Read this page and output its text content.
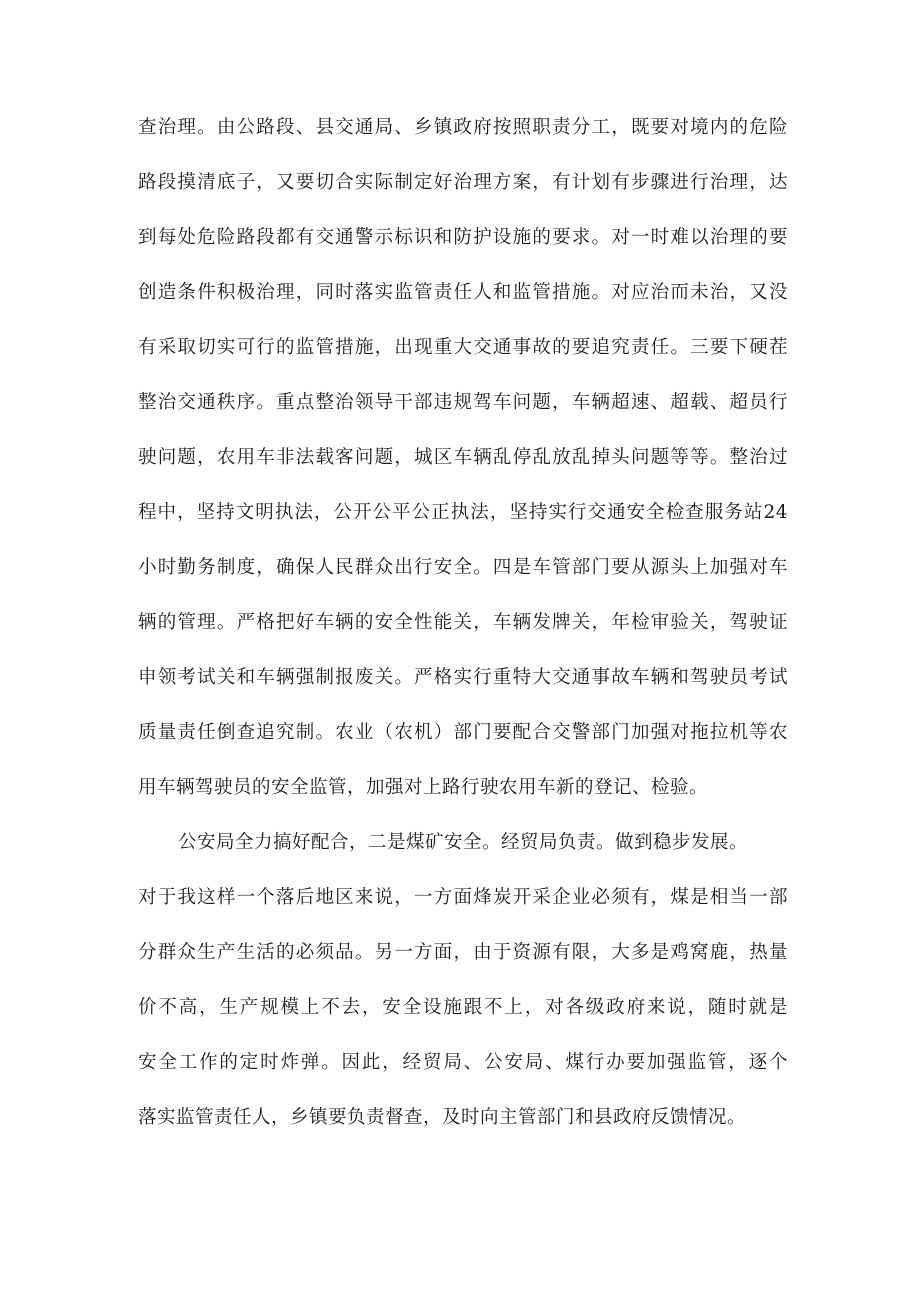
查治理。由公路段、县交通局、乡镇政府按照职责分工，既要对境内的危险
路段摸清底子，又要切合实际制定好治理方案，有计划有步骤进行治理，达
到每处危险路段都有交通警示标识和防护设施的要求。对一时难以治理的要
创造条件积极治理，同时落实监管责任人和监管措施。对应治而未治，又没
有采取切实可行的监管措施，出现重大交通事故的要追究责任。三要下硬茬
整治交通秩序。重点整治领导干部违规驾车问题，车辆超速、超载、超员行
驶问题，农用车非法载客问题，城区车辆乱停乱放乱掉头问题等等。整治过
程中，坚持文明执法，公开公平公正执法，坚持实行交通安全检查服务站24
小时勤务制度，确保人民群众出行安全。四是车管部门要从源头上加强对车
辆的管理。严格把好车辆的安全性能关，车辆发牌关，年检审验关，驾驶证
申领考试关和车辆强制报废关。严格实行重特大交通事故车辆和驾驶员考试
质量责任倒查追究制。农业（农机）部门要配合交警部门加强对拖拉机等农
用车辆驾驶员的安全监管，加强对上路行驶农用车新的登记、检验。
公安局全力搞好配合，二是煤矿安全。经贸局负责。做到稳步发展。
对于我这样一个落后地区来说，一方面烽炭开采企业必须有，煤是相当一部
分群众生产生活的必须品。另一方面，由于资源有限，大多是鸡窝鹿，热量
价不高，生产规模上不去，安全设施跟不上，对各级政府来说，随时就是
安全工作的定时炸弹。因此，经贸局、公安局、煤行办要加强监管，逐个
落实监管责任人，乡镇要负责督查，及时向主管部门和县政府反馈情况。
